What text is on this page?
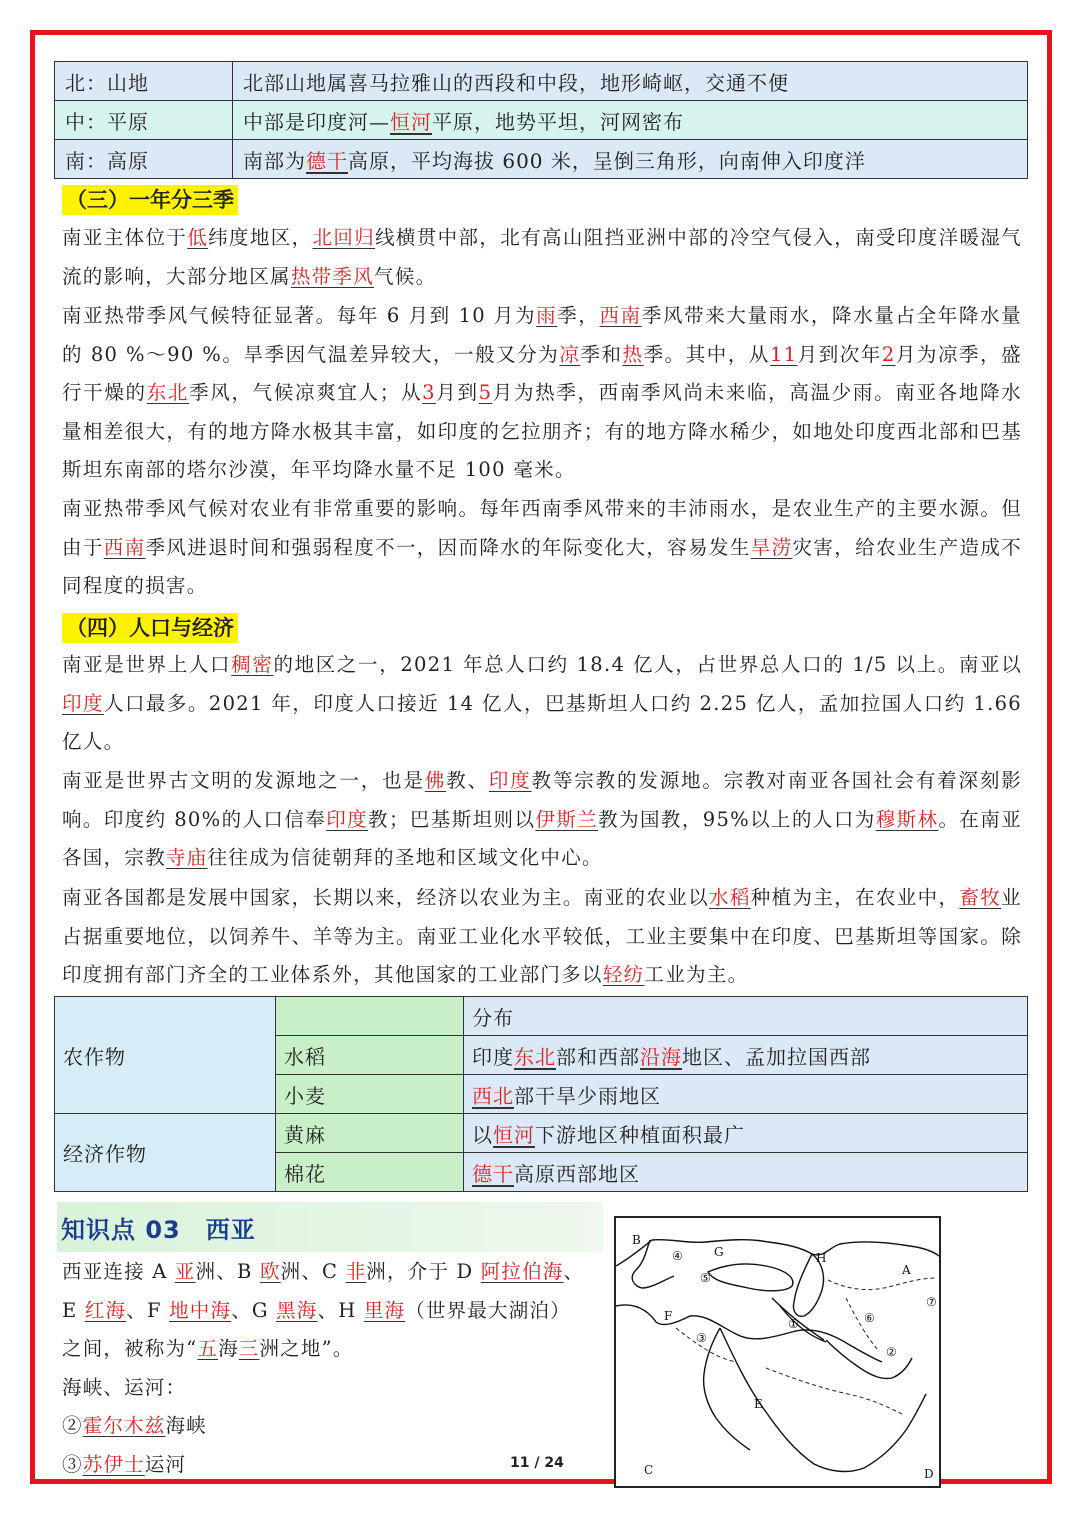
北：山地	北部山地属喜马拉雅山的西段和中段，地形崎岖，交通不便
中：平原	中部是印度河—恒河平原，地势平坦，河网密布
南：高原	南部为德干高原，平均海拔 600 米，呈倒三角形，向南伸入印度洋
（三）一年分三季
南亚主体位于低纬度地区，北回归线横贯中部，北有高山阻挡亚洲中部的冷空气侵入，南受印度洋暖湿气流的影响，大部分地区属热带季风气候。
南亚热带季风气候特征显著。每年 6 月到 10 月为雨季，西南季风带来大量雨水，降水量占全年降水量的 80 %～90 %。旱季因气温差异较大，一般又分为凉季和热季。其中，从11月到次年2月为凉季，盛行干燥的东北季风，气候凉爽宜人；从3月到5月为热季，西南季风尚未来临，高温少雨。南亚各地降水量相差很大，有的地方降水极其丰富，如印度的乞拉朋齐；有的地方降水稀少，如地处印度西北部和巴基斯坦东南部的塔尔沙漠，年平均降水量不足 100 毫米。
南亚热带季风气候对农业有非常重要的影响。每年西南季风带来的丰沛雨水，是农业生产的主要水源。但由于西南季风进退时间和强弱程度不一，因而降水的年际变化大，容易发生旱涝灾害，给农业生产造成不同程度的损害。
（四）人口与经济
南亚是世界上人口稠密的地区之一，2021 年总人口约 18.4 亿人，占世界总人口的 1/5 以上。南亚以印度人口最多。2021 年，印度人口接近 14 亿人，巴基斯坦人口约 2.25 亿人，孟加拉国人口约 1.66 亿人。
南亚是世界古文明的发源地之一，也是佛教、印度教等宗教的发源地。宗教对南亚各国社会有着深刻影响。印度约 80%的人口信奉印度教；巴基斯坦则以伊斯兰教为国教，95%以上的人口为穆斯林。在南亚各国，宗教寺庙往往成为信徒朝拜的圣地和区域文化中心。
南亚各国都是发展中国家，长期以来，经济以农业为主。南亚的农业以水稻种植为主，在农业中，畜牧业占据重要地位，以饲养牛、羊等为主。南亚工业化水平较低，工业主要集中在印度、巴基斯坦等国家。除印度拥有部门齐全的工业体系外，其他国家的工业部门多以轻纺工业为主。
农作物		分布
	水稻	印度东北部和西部沿海地区、孟加拉国西部
	小麦	西北部干旱少雨地区
经济作物	黄麻	以恒河下游地区种植面积最广
	棉花	德干高原西部地区
知识点 03　西亚
西亚连接 A 亚洲、B 欧洲、C 非洲，介于 D 阿拉伯海、
E 红海、F 地中海、G 黑海、H 里海（世界最大湖泊）
之间，被称为“五海三洲之地”。
海峡、运河：
②霍尔木兹海峡
③苏伊士运河
B
D
C
A
F
G	H
E
①
②
③
④
⑤
⑥
⑦
11 / 24
